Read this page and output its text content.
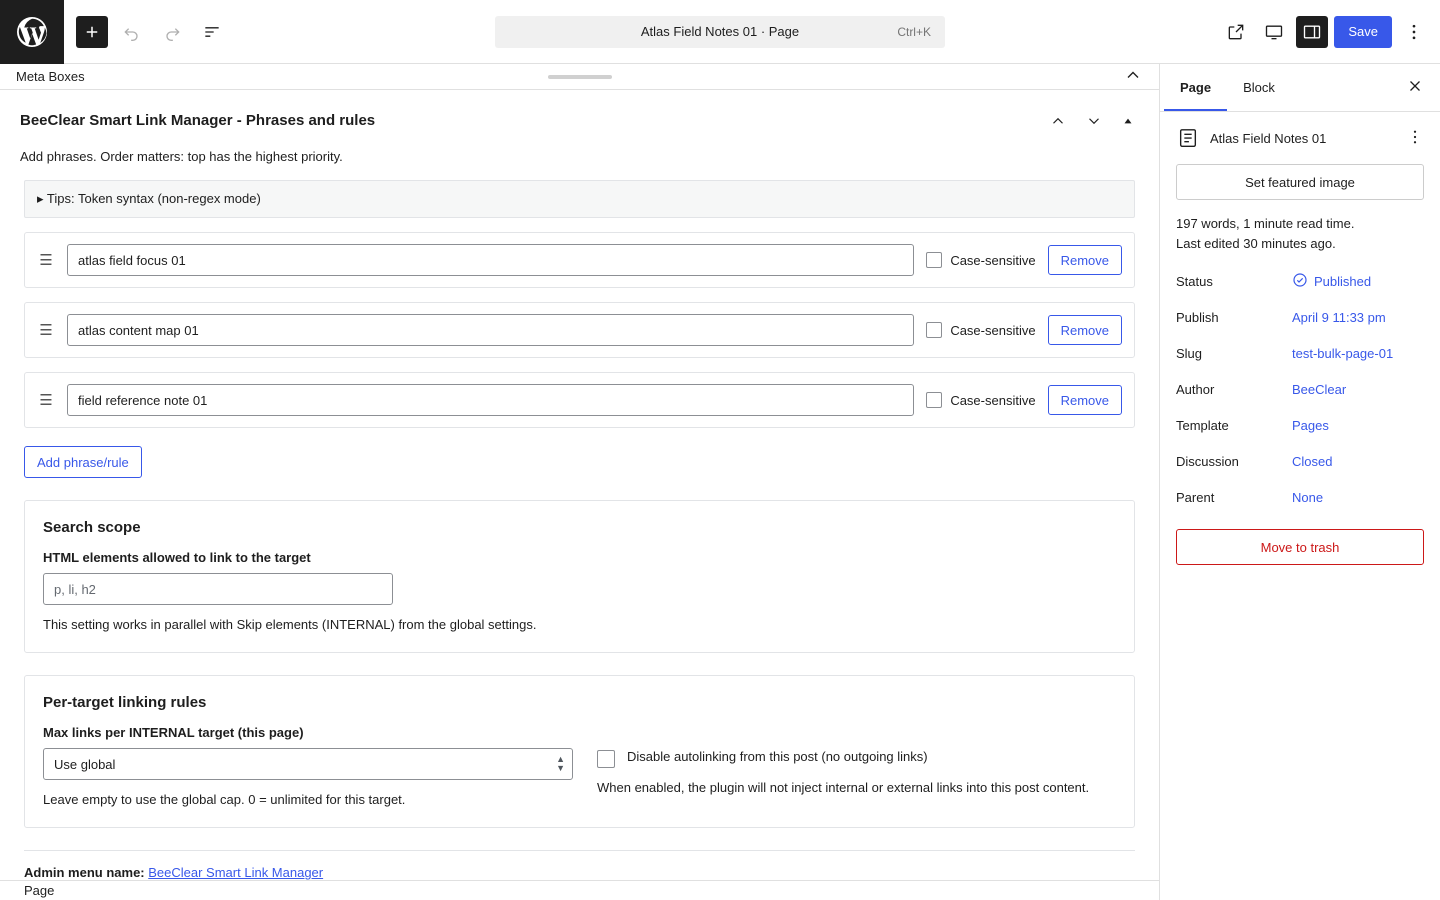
Atlas Field Notes 01 · Page	Ctrl+K	Save
Meta Boxes
BeeClear Smart Link Manager - Phrases and rules
Add phrases. Order matters: top has the highest priority.
▸ Tips: Token syntax (non-regex mode)
☰
atlas field focus 01	Case-sensitive	Remove
☰
atlas content map 01	Case-sensitive	Remove
☰
field reference note 01	Case-sensitive	Remove
Add phrase/rule
Search scope
HTML elements allowed to link to the target
p, li, h2
This setting works in parallel with Skip elements (INTERNAL) from the global settings.
Per-target linking rules
Max links per INTERNAL target (this page)
Use global
▲
▼
Leave empty to use the global cap. 0 = unlimited for this target.
Disable autolinking from this post (no outgoing links)
When enabled, the plugin will not inject internal or external links into this post content.
Admin menu name: BeeClear Smart Link Manager
Page
Page	Block
Atlas Field Notes 01
Set featured image
197 words, 1 minute read time.
Last edited 30 minutes ago.
Status	Published
Publish	April 9 11:33 pm
Slug	test-bulk-page-01
Author	BeeClear
Template	Pages
Discussion	Closed
Parent	None
Move to trash
